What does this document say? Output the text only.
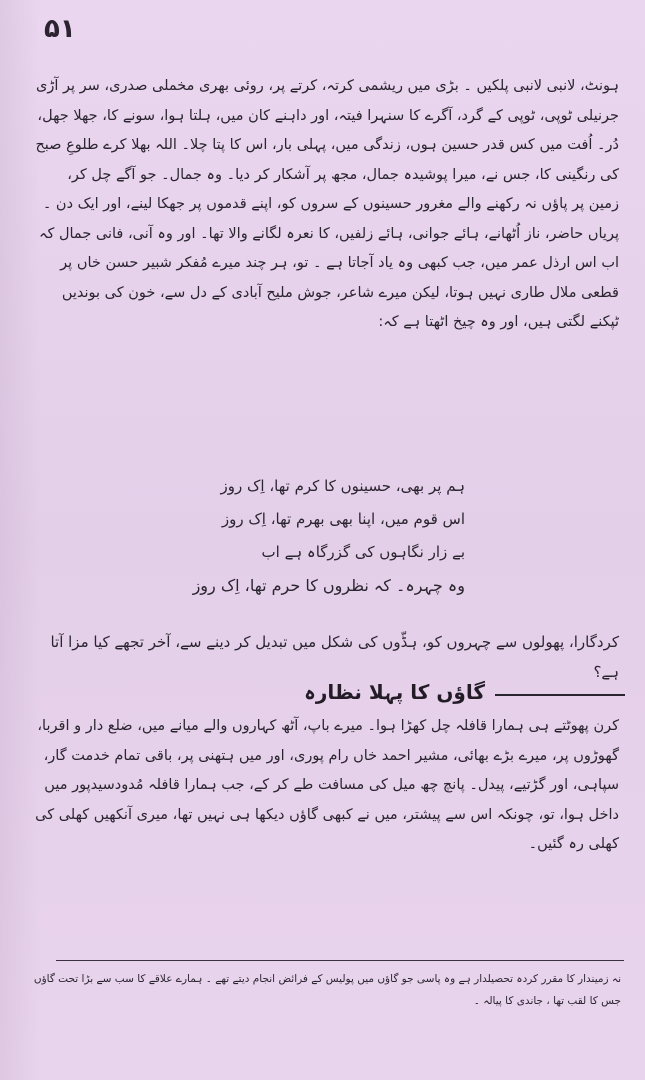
۵۱
ہونٹ، لانبی لانبی پلکیں ۔ بڑی میں ریشمی کرتہ، کرتے پر، روئی بھری مخملی صدری، سر پر آڑی جرنیلی ٹوپی، ٹوپی کے گرد، آگرے کا سنہرا فیتہ، اور داہنے کان میں، ہلتا ہوا، سونے کا، جھلا جھل، دُر۔ اُفت میں کس قدر حسین ہوں، زندگی میں، پہلی بار، اس کا پتا چلا۔ اللہ بھلا کرے طلوعِ صبح کی رنگینی کا، جس نے، میرا پوشیدہ جمال، مجھ پر آشکار کر دیا۔ وہ جمال۔ جو آگے چل کر، زمین پر پاؤں نہ رکھنے والے مغرور حسینوں کے سروں کو، اپنے قدموں پر جھکا لینے، اور ایک دن ۔ پریاں حاضر، ناز اُٹھانے، ہائے جوانی، ہائے زلفیں، کا نعرہ لگانے والا تھا۔ اور وہ آنی، فانی جمال کہ اب اس ارذل عمر میں، جب کبھی وہ یاد آجاتا ہے ۔ تو، ہر چند میرے مُفکر شبیر حسن خاں پر قطعی ملال طاری نہیں ہوتا، لیکن میرے شاعر، جوش ملیح آبادی کے دل سے، خون کی بوندیں ٹپکنے لگتی ہیں، اور وہ چیخ اٹھتا ہے کہ:
ہم پر بھی، حسینوں کا کرم تھا، اِک روز
اس قوم میں، اپنا بھی بھرم تھا، اِک روز
بے زار نگاہوں کی گزرگاہ ہے اب
وہ چہرہ۔ کہ نظروں کا حرم تھا، اِک روز
کردگارا، پھولوں سے چہروں کو، ہڈّوں کی شکل میں تبدیل کر دینے سے، آخر تجھے کیا مزا آتا ہے؟
گاؤں کا پہلا نظارہ
کرن پھوٹتے ہی ہمارا قافلہ چل کھڑا ہوا۔ میرے باپ، آٹھ کہاروں والے میانے میں، ضلع دار و اقربا، گھوڑوں پر، میرے بڑے بھائی، مشیر احمد خاں رام پوری، اور میں ہتھنی پر، باقی تمام خدمت گار، سپاہی، اور گڑتیے، پیدل۔ پانچ چھ میل کی مسافت طے کر کے، جب ہمارا قافلہ مُدودسیدپور میں داخل ہوا، تو، چونکہ اس سے پیشتر، میں نے کبھی گاؤں دیکھا ہی نہیں تھا، میری آنکھیں کھلی کی کھلی رہ گئیں۔
نہ زمیندار کا مقرر کردہ تحصیلدار ہے وہ پاسی جو گاؤں میں پولیس کے فرائض انجام دیتے تھے ۔ ہمارے علاقے کا سب سے بڑا تحت گاؤں جس کا لقب تھا ، جاندی کا پیالہ ۔
